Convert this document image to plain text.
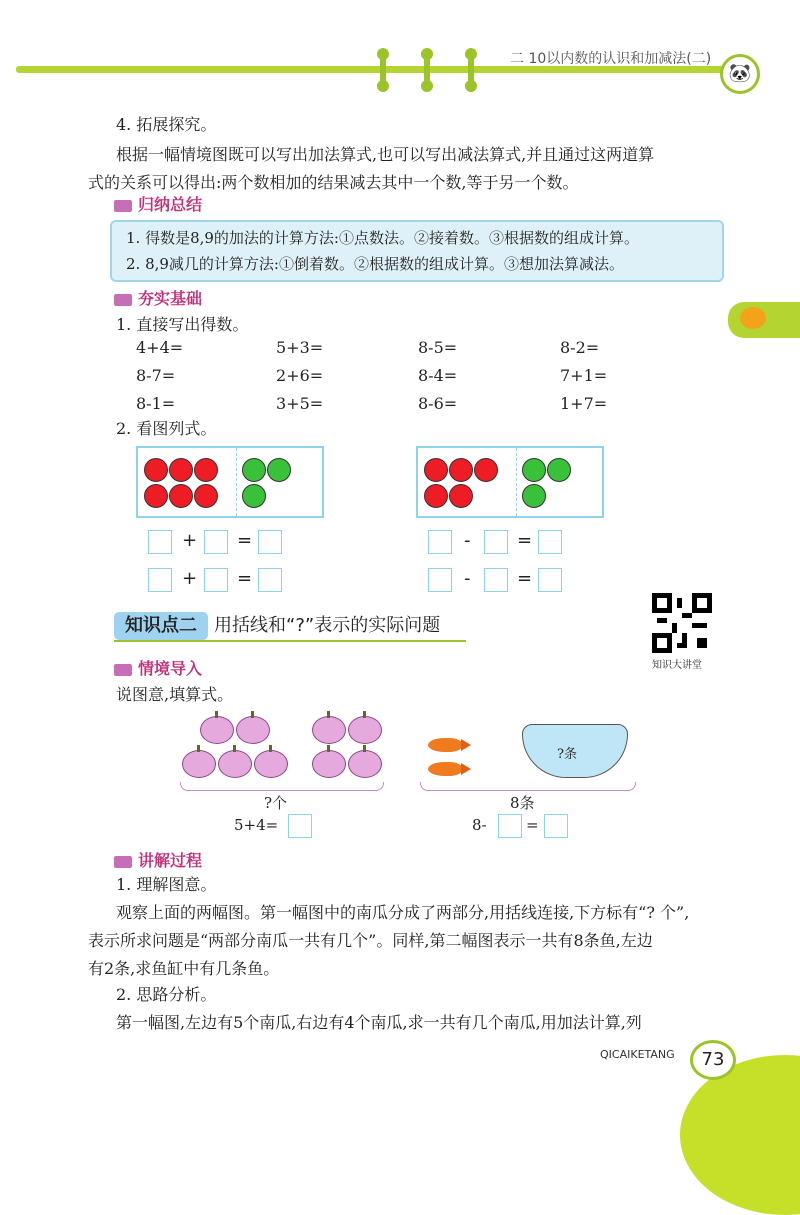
二 10以内数的认识和加减法(二)
🐼

4. 拓展探究。

根据一幅情境图既可以写出加法算式,也可以写出减法算式,并且通过这两道算

式的关系可以得出:两个数相加的结果减去其中一个数,等于另一个数。

归纳总结
1. 得数是8,9的加法的计算方法:①点数法。②接着数。③根据数的组成计算。
2. 8,9减几的计算方法:①倒着数。②根据数的组成计算。③想加法算减法。
夯实基础

1. 直接写出得数。

4+4=	5+3=	8-5=	8-2=
8-7=	2+6=	8-4=	7+1=
8-1=	3+5=	8-6=	1+7=

2. 看图列式。

+ =
+ =
-	=
-	=
知识点二 用括线和“?”表示的实际问题
知识大讲堂
情境导入

说图意,填算式。

?个
5+4=
?条
8条
8-	=
讲解过程

1. 理解图意。

观察上面的两幅图。第一幅图中的南瓜分成了两部分,用括线连接,下方标有“? 个”,

表示所求问题是“两部分南瓜一共有几个”。同样,第二幅图表示一共有8条鱼,左边

有2条,求鱼缸中有几条鱼。

2. 思路分析。

第一幅图,左边有5个南瓜,右边有4个南瓜,求一共有几个南瓜,用加法计算,列

QICAIKETANG	73
